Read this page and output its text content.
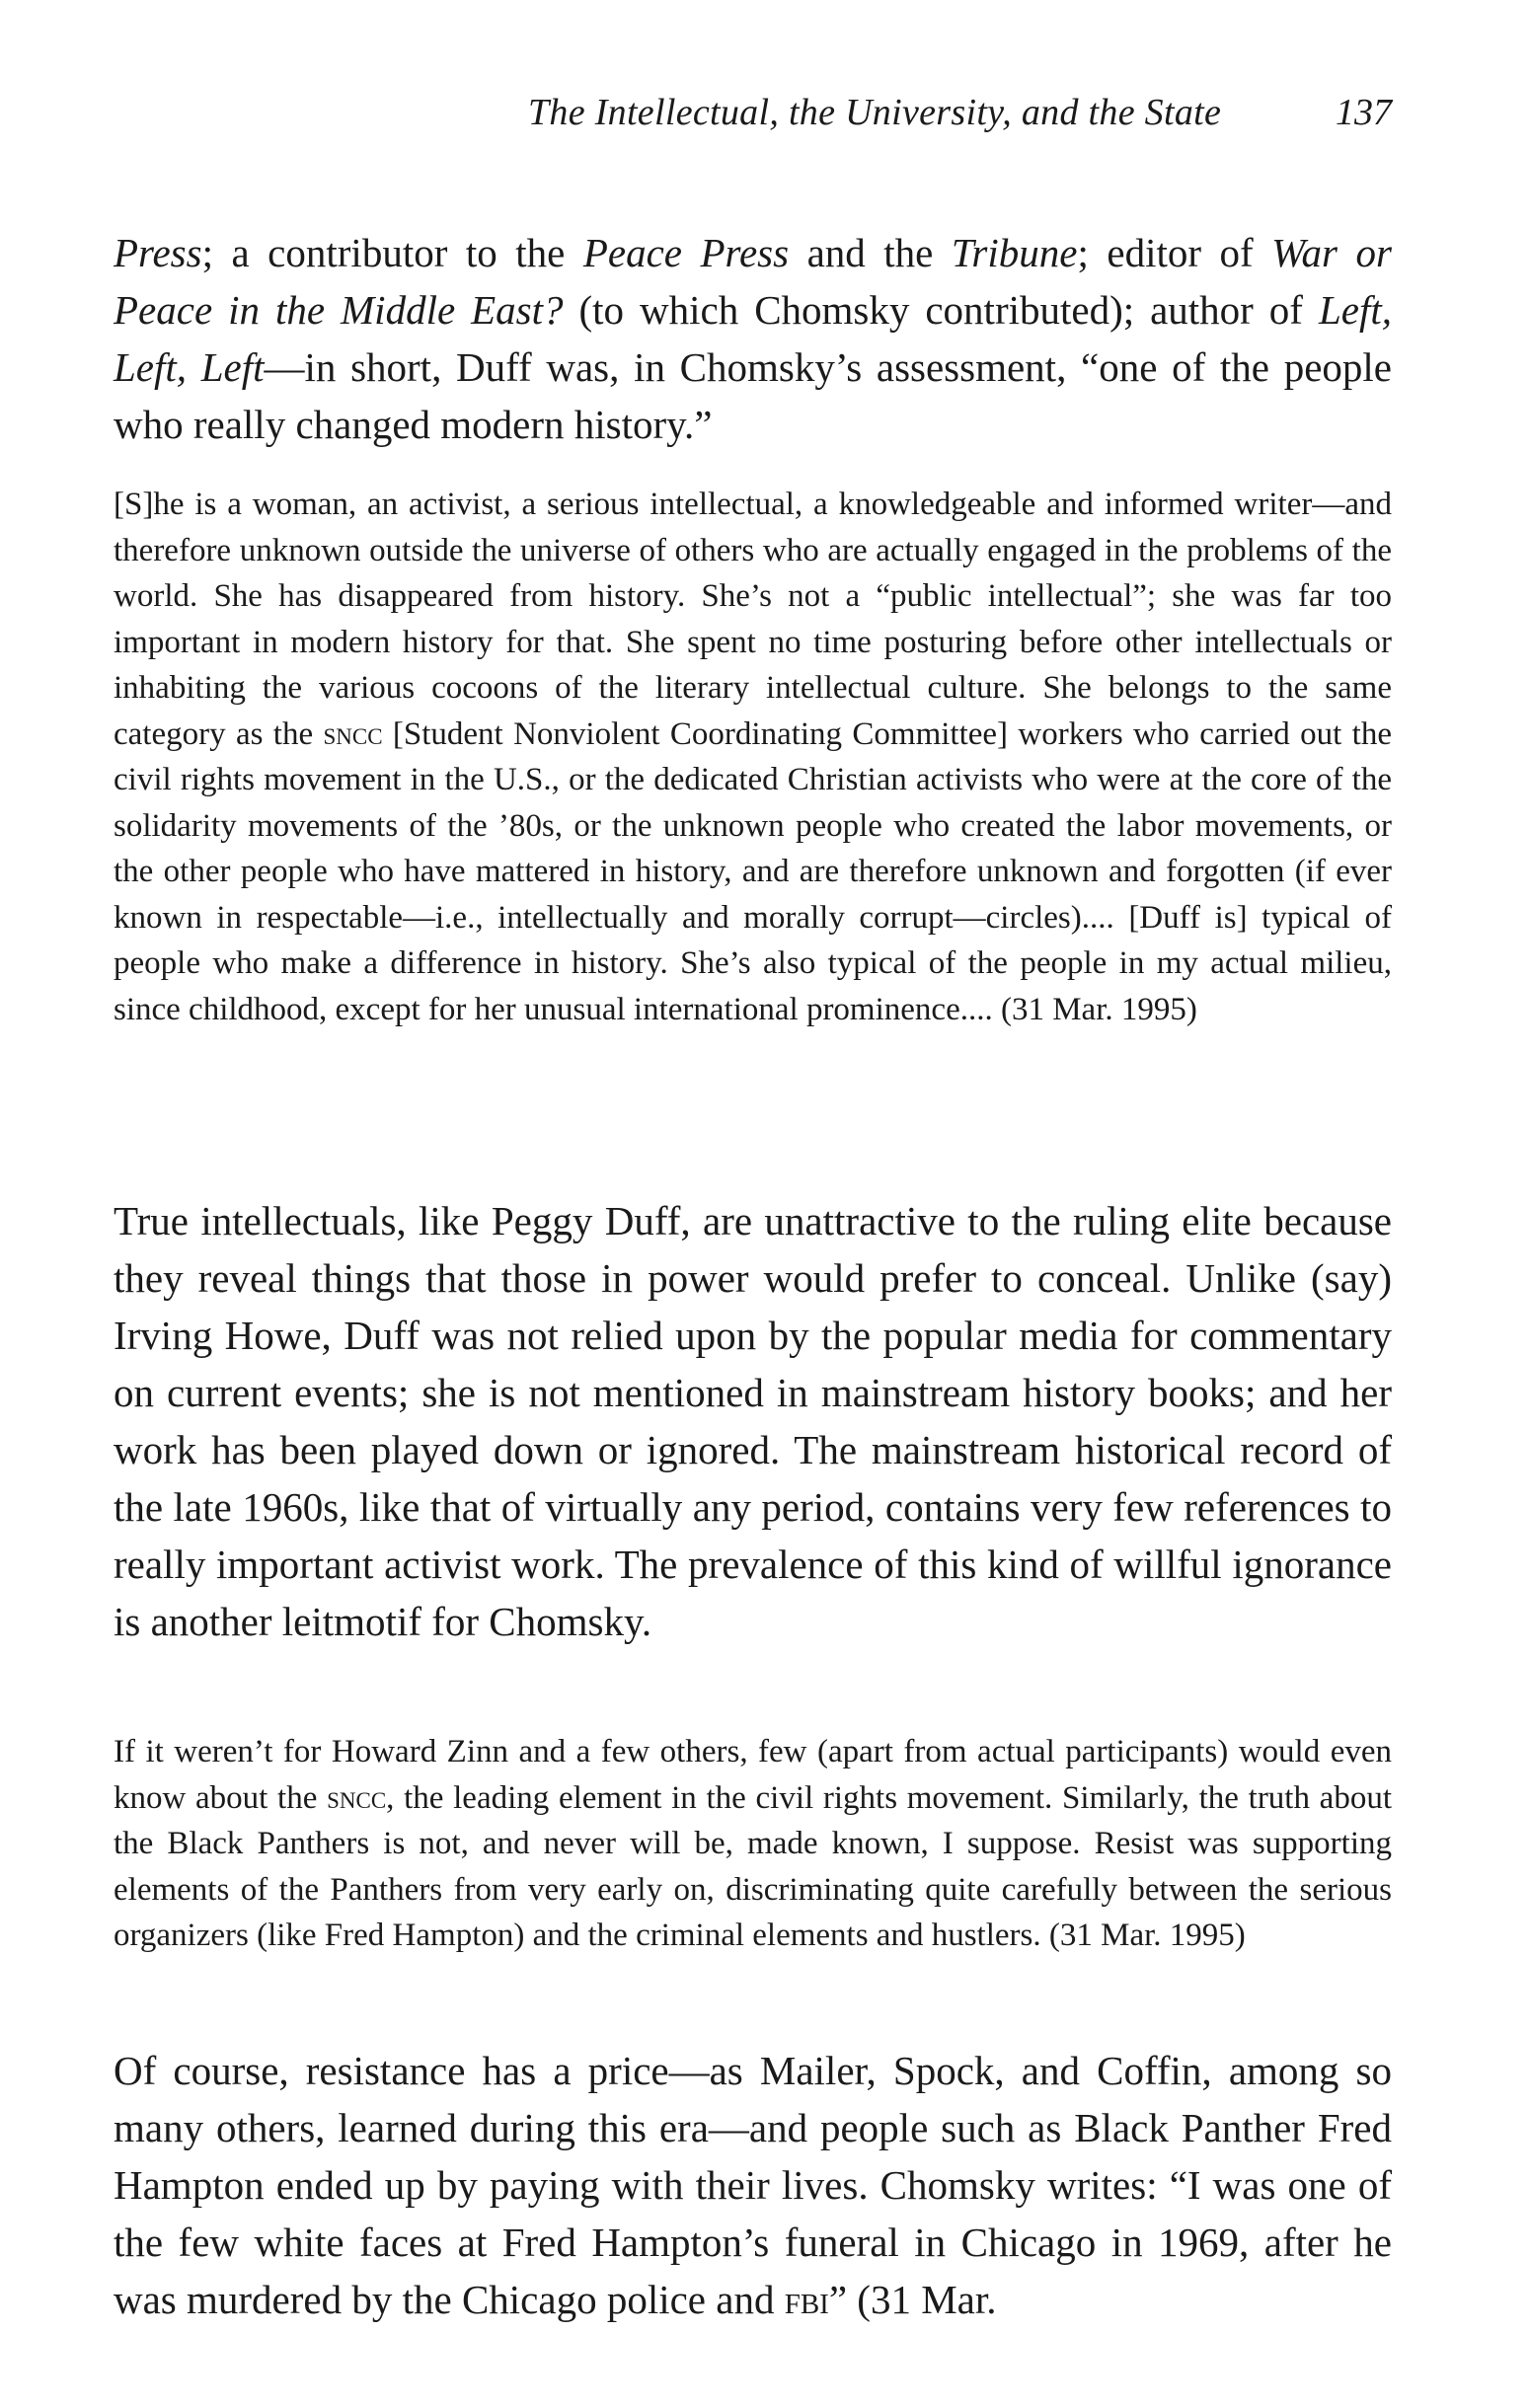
The Intellectual, the University, and the State	137

Press; a contributor to the Peace Press and the Tribune; editor of War or Peace in the Middle East? (to which Chomsky contributed); author of Left, Left, Left—in short, Duff was, in Chomsky’s assessment, “one of the people who really changed modern history.”

[S]he is a woman, an activist, a serious intellectual, a knowledgeable and informed writer—and therefore unknown outside the universe of others who are actually engaged in the problems of the world. She has disappeared from history. She’s not a “public intellectual”; she was far too important in modern history for that. She spent no time posturing before other intellectuals or inhabiting the various cocoons of the literary intellectual culture. She belongs to the same category as the sncc [Student Nonviolent Coordinating Committee] workers who carried out the civil rights movement in the U.S., or the dedicated Christian activists who were at the core of the solidarity movements of the ’80s, or the unknown people who created the labor movements, or the other people who have mattered in history, and are therefore unknown and forgotten (if ever known in respectable—i.e., intellectually and morally corrupt—circles).... [Duff is] typical of people who make a difference in history. She’s also typical of the people in my actual milieu, since childhood, except for her unusual international prominence.... (31 Mar. 1995)

True intellectuals, like Peggy Duff, are unattractive to the ruling elite because they reveal things that those in power would prefer to conceal. Unlike (say) Irving Howe, Duff was not relied upon by the popular media for commentary on current events; she is not mentioned in mainstream history books; and her work has been played down or ignored. The mainstream historical record of the late 1960s, like that of virtually any period, contains very few references to really important activist work. The prevalence of this kind of willful ignorance is another leitmotif for Chomsky.

If it weren’t for Howard Zinn and a few others, few (apart from actual participants) would even know about the sncc, the leading element in the civil rights movement. Similarly, the truth about the Black Panthers is not, and never will be, made known, I suppose. Resist was supporting elements of the Panthers from very early on, discriminating quite carefully between the serious organizers (like Fred Hampton) and the criminal elements and hustlers. (31 Mar. 1995)

Of course, resistance has a price—as Mailer, Spock, and Coffin, among so many others, learned during this era—and people such as Black Panther Fred Hampton ended up by paying with their lives. Chomsky writes: “I was one of the few white faces at Fred Hampton’s funeral in Chicago in 1969, after he was murdered by the Chicago police and fbi” (31 Mar.
